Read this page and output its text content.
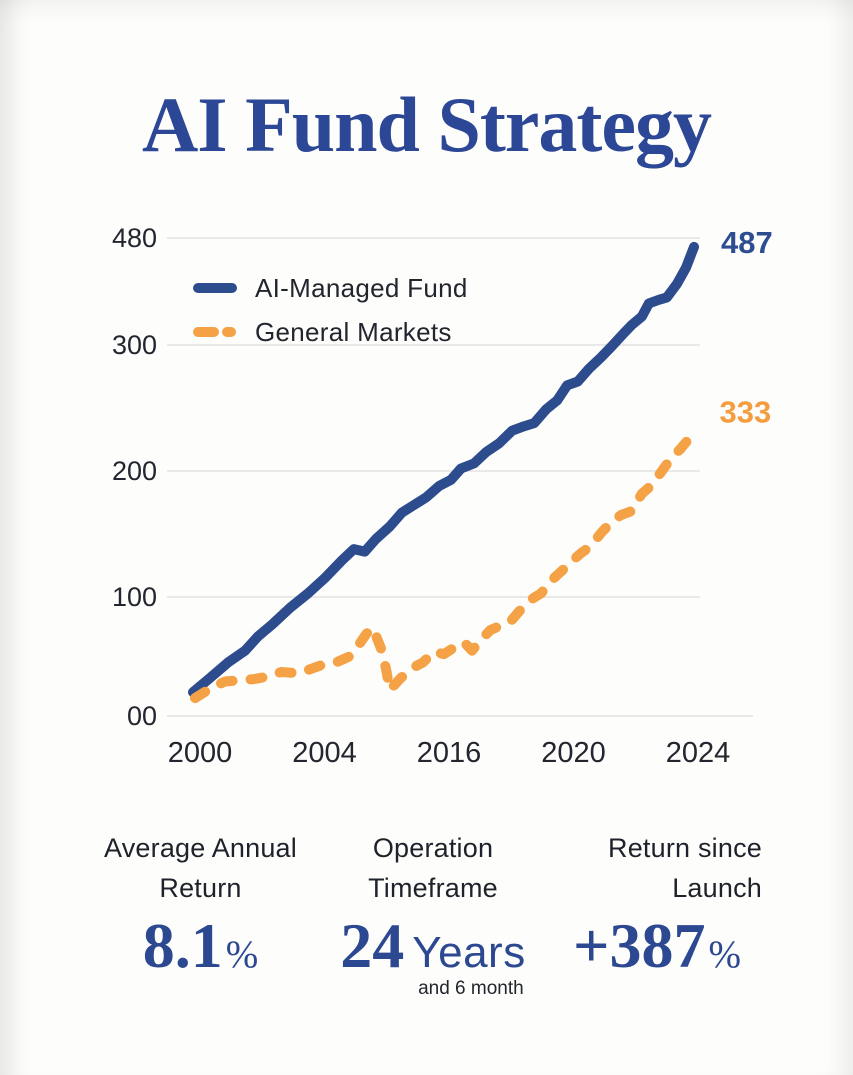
AI Fund Strategy
480
300
200
100
00
2000 2004 2016 2020 2024
487
333
AI-Managed Fund
General Markets
Average Annual
Return
8.1 %
Operation
Timeframe
24 Years
and 6 month
Return since
Launch
+387 %
